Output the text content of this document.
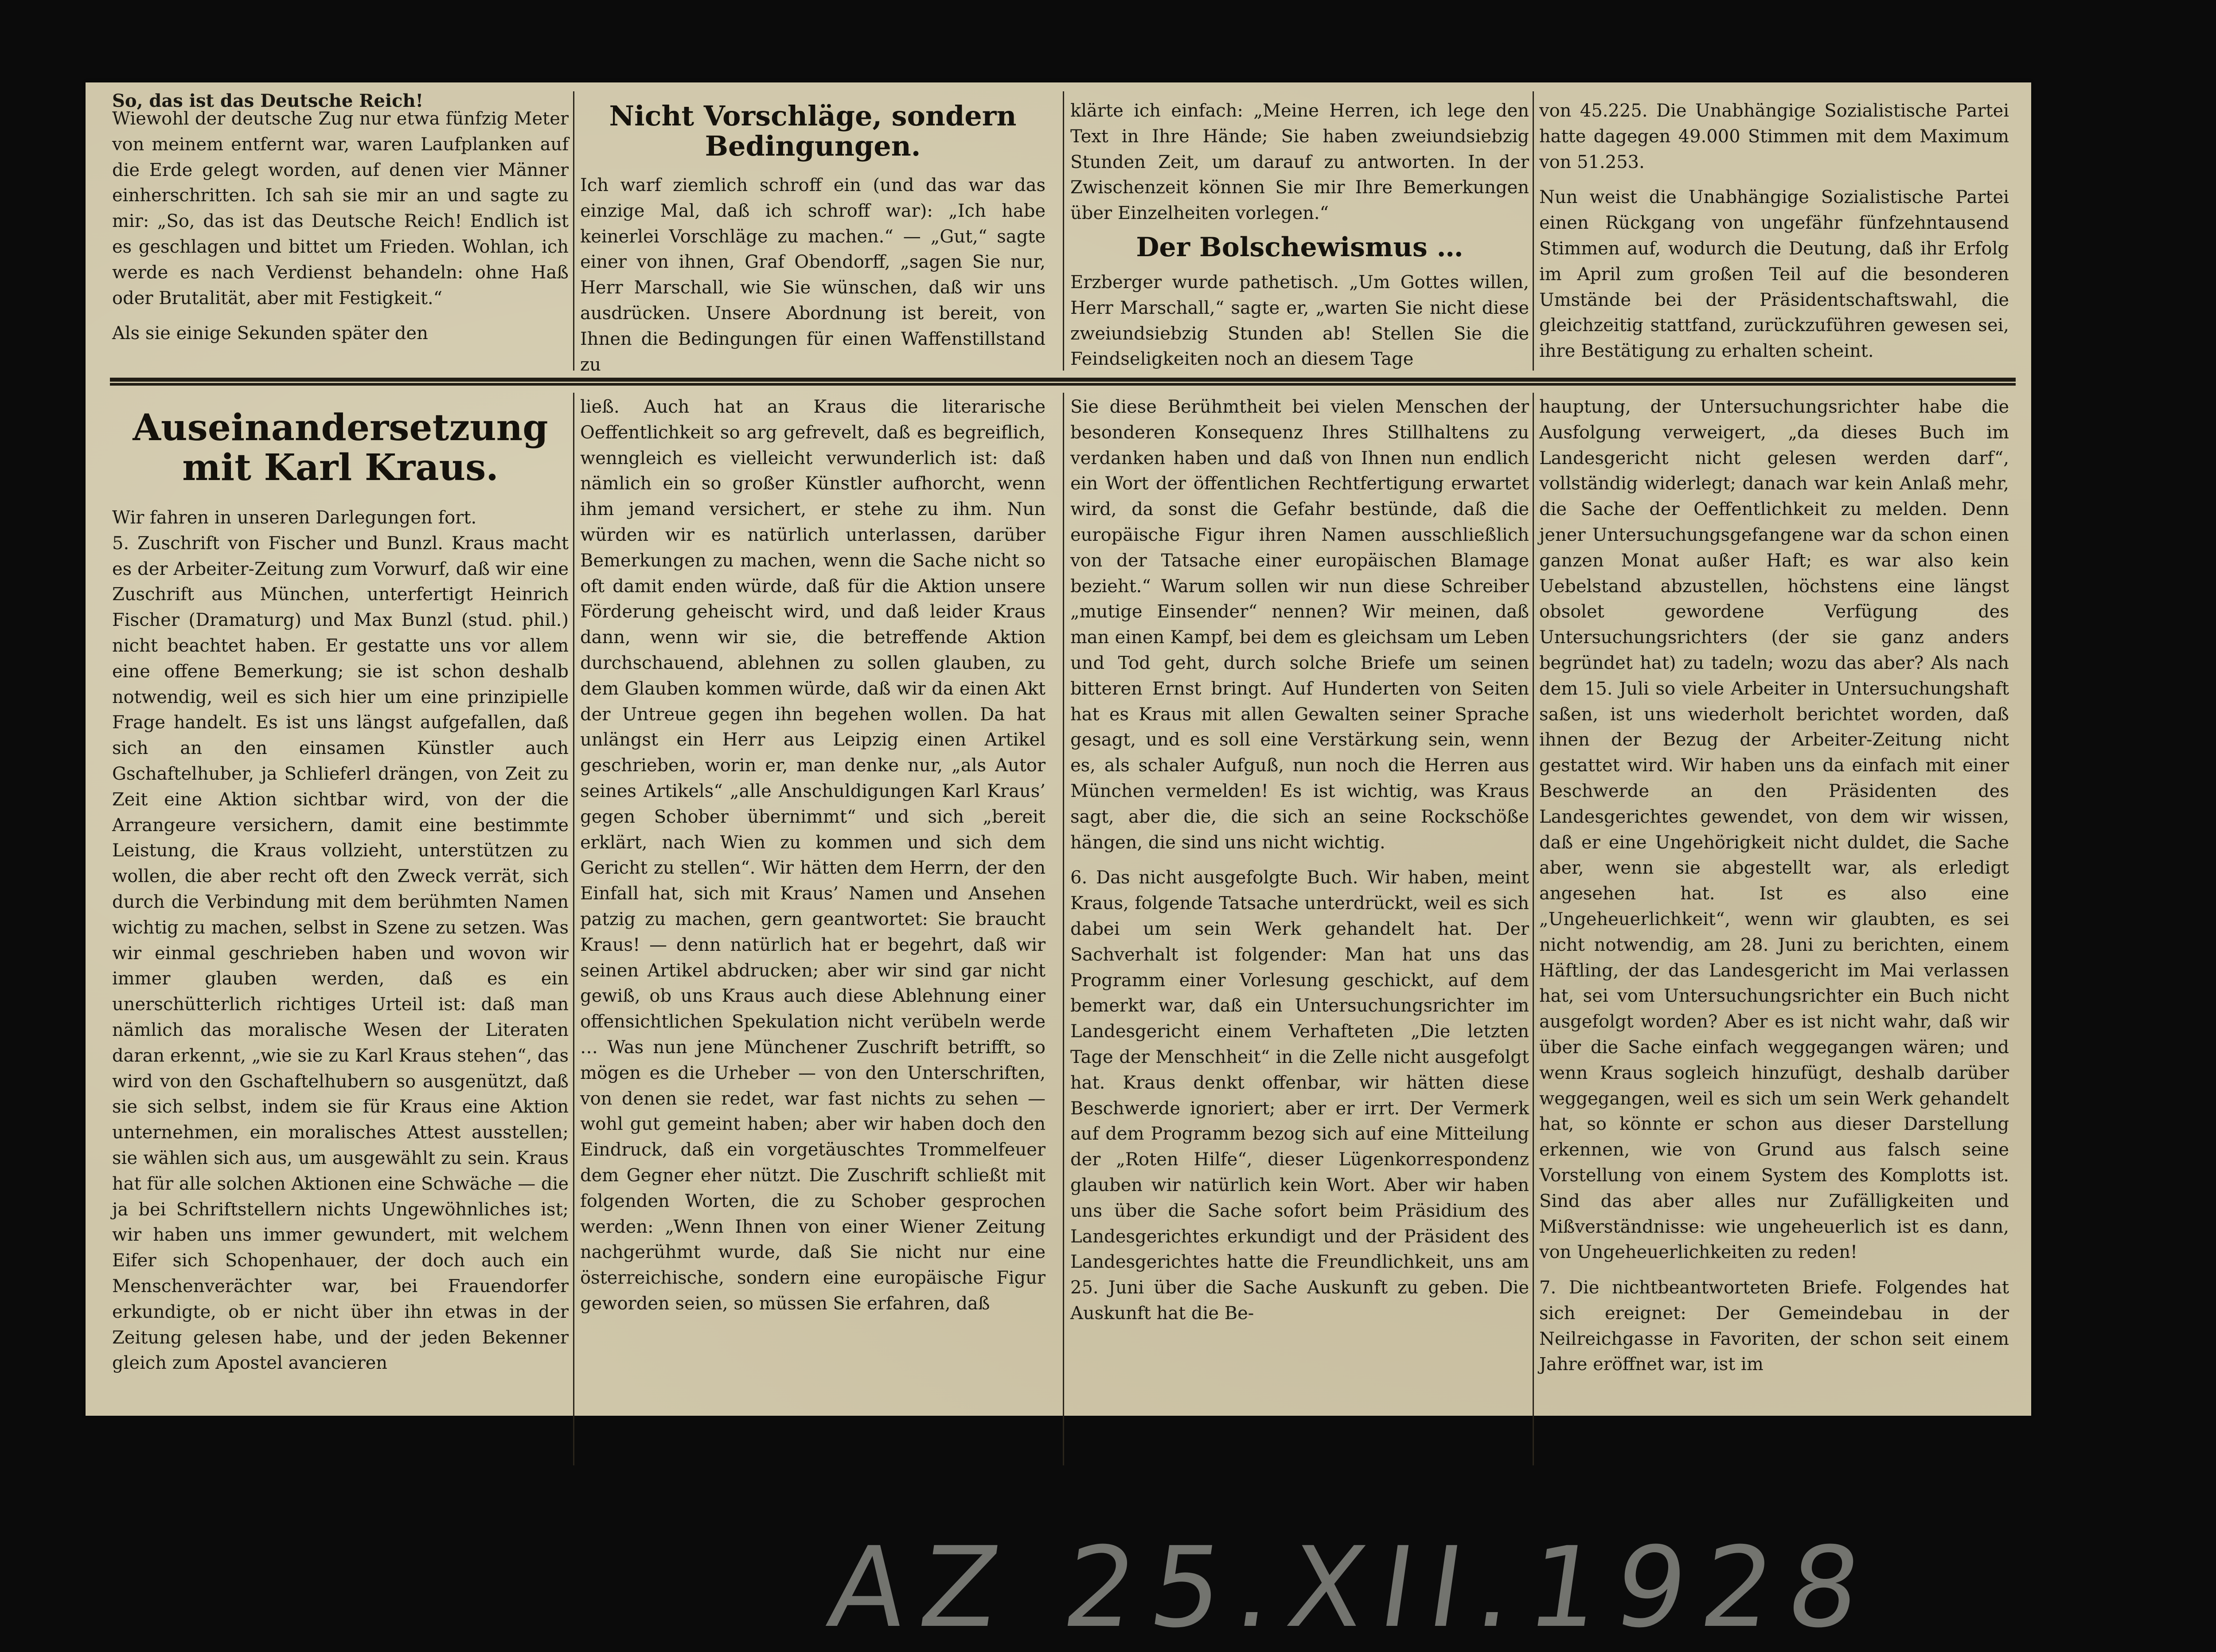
So, das ist das Deutsche Reich!

Wiewohl der deutsche Zug nur etwa fünfzig Meter von meinem entfernt war, waren Laufplanken auf die Erde gelegt worden, auf denen vier Männer einherschritten. Ich sah sie mir an und sagte zu mir: „So, das ist das Deutsche Reich! Endlich ist es geschlagen und bittet um Frieden. Wohlan, ich werde es nach Verdienst behandeln: ohne Haß oder Brutalität, aber mit Festigkeit.“

Als sie einige Sekunden später den

Nicht Vorschläge, sondern Bedingungen.

Ich warf ziemlich schroff ein (und das war das einzige Mal, daß ich schroff war): „Ich habe keinerlei Vorschläge zu machen.“ — „Gut,“ sagte einer von ihnen, Graf Obendorff, „sagen Sie nur, Herr Marschall, wie Sie wünschen, daß wir uns ausdrücken. Unsere Abordnung ist bereit, von Ihnen die Bedingungen für einen Waffenstillstand zu

klärte ich einfach: „Meine Herren, ich lege den Text in Ihre Hände; Sie haben zweiundsiebzig Stunden Zeit, um darauf zu antworten. In der Zwischenzeit können Sie mir Ihre Bemerkungen über Einzelheiten vorlegen.“

Der Bolschewismus …

Erzberger wurde pathetisch. „Um Gottes willen, Herr Marschall,“ sagte er, „warten Sie nicht diese zweiundsiebzig Stunden ab! Stellen Sie die Feindseligkeiten noch an diesem Tage

von 45.225. Die Unabhängige Sozialistische Partei hatte dagegen 49.000 Stimmen mit dem Maximum von 51.253.

Nun weist die Unabhängige Sozialistische Partei einen Rückgang von ungefähr fünfzehntausend Stimmen auf, wodurch die Deutung, daß ihr Erfolg im April zum großen Teil auf die besonderen Umstände bei der Präsidentschaftswahl, die gleichzeitig stattfand, zurückzuführen gewesen sei, ihre Bestätigung zu erhalten scheint.

Auseinandersetzung mit Karl Kraus.

Wir fahren in unseren Darlegungen fort.

5. Zuschrift von Fischer und Bunzl. Kraus macht es der Arbeiter-Zeitung zum Vorwurf, daß wir eine Zuschrift aus München, unterfertigt Heinrich Fischer (Dramaturg) und Max Bunzl (stud. phil.) nicht beachtet haben. Er gestatte uns vor allem eine offene Bemerkung; sie ist schon deshalb notwendig, weil es sich hier um eine prinzipielle Frage handelt. Es ist uns längst aufgefallen, daß sich an den einsamen Künstler auch Gschaftelhuber, ja Schlieferl drängen, von Zeit zu Zeit eine Aktion sichtbar wird, von der die Arrangeure versichern, damit eine bestimmte Leistung, die Kraus vollzieht, unterstützen zu wollen, die aber recht oft den Zweck verrät, sich durch die Verbindung mit dem berühmten Namen wichtig zu machen, selbst in Szene zu setzen. Was wir einmal geschrieben haben und wovon wir immer glauben werden, daß es ein unerschütterlich richtiges Urteil ist: daß man nämlich das moralische Wesen der Literaten daran erkennt, „wie sie zu Karl Kraus stehen“, das wird von den Gschaftelhubern so ausgenützt, daß sie sich selbst, indem sie für Kraus eine Aktion unternehmen, ein moralisches Attest ausstellen; sie wählen sich aus, um ausgewählt zu sein. Kraus hat für alle solchen Aktionen eine Schwäche — die ja bei Schriftstellern nichts Ungewöhnliches ist; wir haben uns immer gewundert, mit welchem Eifer sich Schopenhauer, der doch auch ein Menschenverächter war, bei Frauendorfer erkundigte, ob er nicht über ihn etwas in der Zeitung gelesen habe, und der jeden Bekenner gleich zum Apostel avancieren

ließ. Auch hat an Kraus die literarische Oeffentlichkeit so arg gefrevelt, daß es begreiflich, wenngleich es vielleicht verwunderlich ist: daß nämlich ein so großer Künstler aufhorcht, wenn ihm jemand versichert, er stehe zu ihm. Nun würden wir es natürlich unterlassen, darüber Bemerkungen zu machen, wenn die Sache nicht so oft damit enden würde, daß für die Aktion unsere Förderung geheischt wird, und daß leider Kraus dann, wenn wir sie, die betreffende Aktion durchschauend, ablehnen zu sollen glauben, zu dem Glauben kommen würde, daß wir da einen Akt der Untreue gegen ihn begehen wollen. Da hat unlängst ein Herr aus Leipzig einen Artikel geschrieben, worin er, man denke nur, „als Autor seines Artikels“ „alle Anschuldigungen Karl Kraus’ gegen Schober übernimmt“ und sich „bereit erklärt, nach Wien zu kommen und sich dem Gericht zu stellen“. Wir hätten dem Herrn, der den Einfall hat, sich mit Kraus’ Namen und Ansehen patzig zu machen, gern geantwortet: Sie braucht Kraus! — denn natürlich hat er begehrt, daß wir seinen Artikel abdrucken; aber wir sind gar nicht gewiß, ob uns Kraus auch diese Ablehnung einer offensichtlichen Spekulation nicht verübeln werde … Was nun jene Münchener Zuschrift betrifft, so mögen es die Urheber — von den Unterschriften, von denen sie redet, war fast nichts zu sehen — wohl gut gemeint haben; aber wir haben doch den Eindruck, daß ein vorgetäuschtes Trommelfeuer dem Gegner eher nützt. Die Zuschrift schließt mit folgenden Worten, die zu Schober gesprochen werden: „Wenn Ihnen von einer Wiener Zeitung nachgerühmt wurde, daß Sie nicht nur eine österreichische, sondern eine europäische Figur geworden seien, so müssen Sie erfahren, daß

Sie diese Berühmtheit bei vielen Menschen der besonderen Konsequenz Ihres Stillhaltens zu verdanken haben und daß von Ihnen nun endlich ein Wort der öffentlichen Rechtfertigung erwartet wird, da sonst die Gefahr bestünde, daß die europäische Figur ihren Namen ausschließlich von der Tatsache einer europäischen Blamage bezieht.“ Warum sollen wir nun diese Schreiber „mutige Einsender“ nennen? Wir meinen, daß man einen Kampf, bei dem es gleichsam um Leben und Tod geht, durch solche Briefe um seinen bitteren Ernst bringt. Auf Hunderten von Seiten hat es Kraus mit allen Gewalten seiner Sprache gesagt, und es soll eine Verstärkung sein, wenn es, als schaler Aufguß, nun noch die Herren aus München vermelden! Es ist wichtig, was Kraus sagt, aber die, die sich an seine Rockschöße hängen, die sind uns nicht wichtig.

6. Das nicht ausgefolgte Buch. Wir haben, meint Kraus, folgende Tatsache unterdrückt, weil es sich dabei um sein Werk gehandelt hat. Der Sachverhalt ist folgender: Man hat uns das Programm einer Vorlesung geschickt, auf dem bemerkt war, daß ein Untersuchungsrichter im Landesgericht einem Verhafteten „Die letzten Tage der Menschheit“ in die Zelle nicht ausgefolgt hat. Kraus denkt offenbar, wir hätten diese Beschwerde ignoriert; aber er irrt. Der Vermerk auf dem Programm bezog sich auf eine Mitteilung der „Roten Hilfe“, dieser Lügenkorrespondenz glauben wir natürlich kein Wort. Aber wir haben uns über die Sache sofort beim Präsidium des Landesgerichtes erkundigt und der Präsident des Landesgerichtes hatte die Freundlichkeit, uns am 25. Juni über die Sache Auskunft zu geben. Die Auskunft hat die Be-

hauptung, der Untersuchungsrichter habe die Ausfolgung verweigert, „da dieses Buch im Landesgericht nicht gelesen werden darf“, vollständig widerlegt; danach war kein Anlaß mehr, die Sache der Oeffentlichkeit zu melden. Denn jener Untersuchungsgefangene war da schon einen ganzen Monat außer Haft; es war also kein Uebelstand abzustellen, höchstens eine längst obsolet gewordene Verfügung des Untersuchungsrichters (der sie ganz anders begründet hat) zu tadeln; wozu das aber? Als nach dem 15. Juli so viele Arbeiter in Untersuchungshaft saßen, ist uns wiederholt berichtet worden, daß ihnen der Bezug der Arbeiter-Zeitung nicht gestattet wird. Wir haben uns da einfach mit einer Beschwerde an den Präsidenten des Landesgerichtes gewendet, von dem wir wissen, daß er eine Ungehörigkeit nicht duldet, die Sache aber, wenn sie abgestellt war, als erledigt angesehen hat. Ist es also eine „Ungeheuerlichkeit“, wenn wir glaubten, es sei nicht notwendig, am 28. Juni zu berichten, einem Häftling, der das Landesgericht im Mai verlassen hat, sei vom Untersuchungsrichter ein Buch nicht ausgefolgt worden? Aber es ist nicht wahr, daß wir über die Sache einfach weggegangen wären; und wenn Kraus sogleich hinzufügt, deshalb darüber weggegangen, weil es sich um sein Werk gehandelt hat, so könnte er schon aus dieser Darstellung erkennen, wie von Grund aus falsch seine Vorstellung von einem System des Komplotts ist. Sind das aber alles nur Zufälligkeiten und Mißverständnisse: wie ungeheuerlich ist es dann, von Ungeheuerlichkeiten zu reden!

7. Die nichtbeantworteten Briefe. Folgendes hat sich ereignet: Der Gemeindebau in der Neilreichgasse in Favoriten, der schon seit einem Jahre eröffnet war, ist im

AZ 25.XII.1928
